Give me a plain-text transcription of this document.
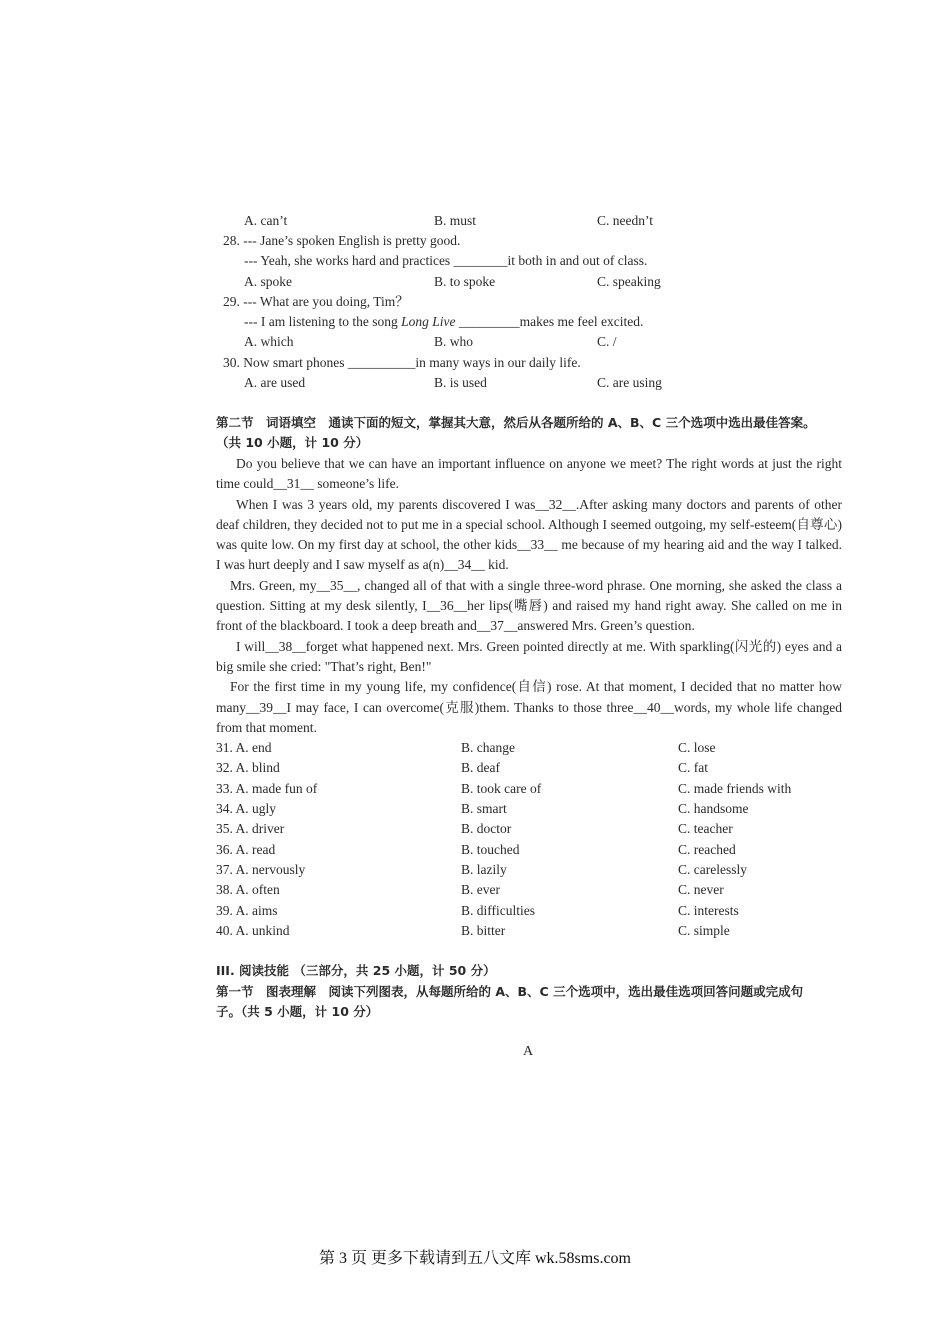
A. can’t	B. must	C. needn’t
28. --- Jane’s spoken English is pretty good.
--- Yeah, she works hard and practices ________it both in and out of class.
A. spoke	B. to spoke	C. speaking
29. --- What are you doing, Tim？
--- I am listening to the song Long Live _________makes me feel excited.
A. which	B. who	C. /
30. Now smart phones __________in many ways in our daily life.
A. are used	B. is used	C. are using
第二节　词语填空　通读下面的短文，掌握其大意，然后从各题所给的 A、B、C 三个选项中选出最佳答案。
（共 10 小题，计 10 分）
Do you believe that we can have an important influence on anyone we meet? The right words at just the right time could__31__ someone’s life.
When I was 3 years old, my parents discovered I was__32__.After asking many doctors and parents of other deaf children, they decided not to put me in a special school. Although I seemed outgoing, my self-esteem(自尊心) was quite low. On my first day at school, the other kids__33__ me because of my hearing aid and the way I talked. I was hurt deeply and I saw myself as a(n)__34__ kid.
Mrs. Green, my__35__, changed all of that with a single three-word phrase. One morning, she asked the class a question. Sitting at my desk silently, I__36__her lips(嘴唇) and raised my hand right away. She called on me in front of the blackboard. I took a deep breath and__37__answered Mrs. Green’s question.
I will__38__forget what happened next. Mrs. Green pointed directly at me. With sparkling(闪光的) eyes and a big smile she cried: "That’s right, Ben!"
For the first time in my young life, my confidence(自信) rose. At that moment, I decided that no matter how many__39__I may face, I can overcome(克服)them. Thanks to those three__40__words, my whole life changed from that moment.
31. A. end	B. change	C. lose
32. A. blind	B. deaf	C. fat
33. A. made fun of	B. took care of	C. made friends with
34. A. ugly	B. smart	C. handsome
35. A. driver	B. doctor	C. teacher
36. A. read	B. touched	C. reached
37. A. nervously	B. lazily	C. carelessly
38. A. often	B. ever	C. never
39. A. aims	B. difficulties	C. interests
40. A. unkind	B. bitter	C. simple
III. 阅读技能 （三部分，共 25 小题，计 50 分）
第一节　图表理解　阅读下列图表，从每题所给的 A、B、C 三个选项中，选出最佳选项回答问题或完成句
子。（共 5 小题，计 10 分）
A
第 3 页 更多下载请到五八文库 wk.58sms.com
